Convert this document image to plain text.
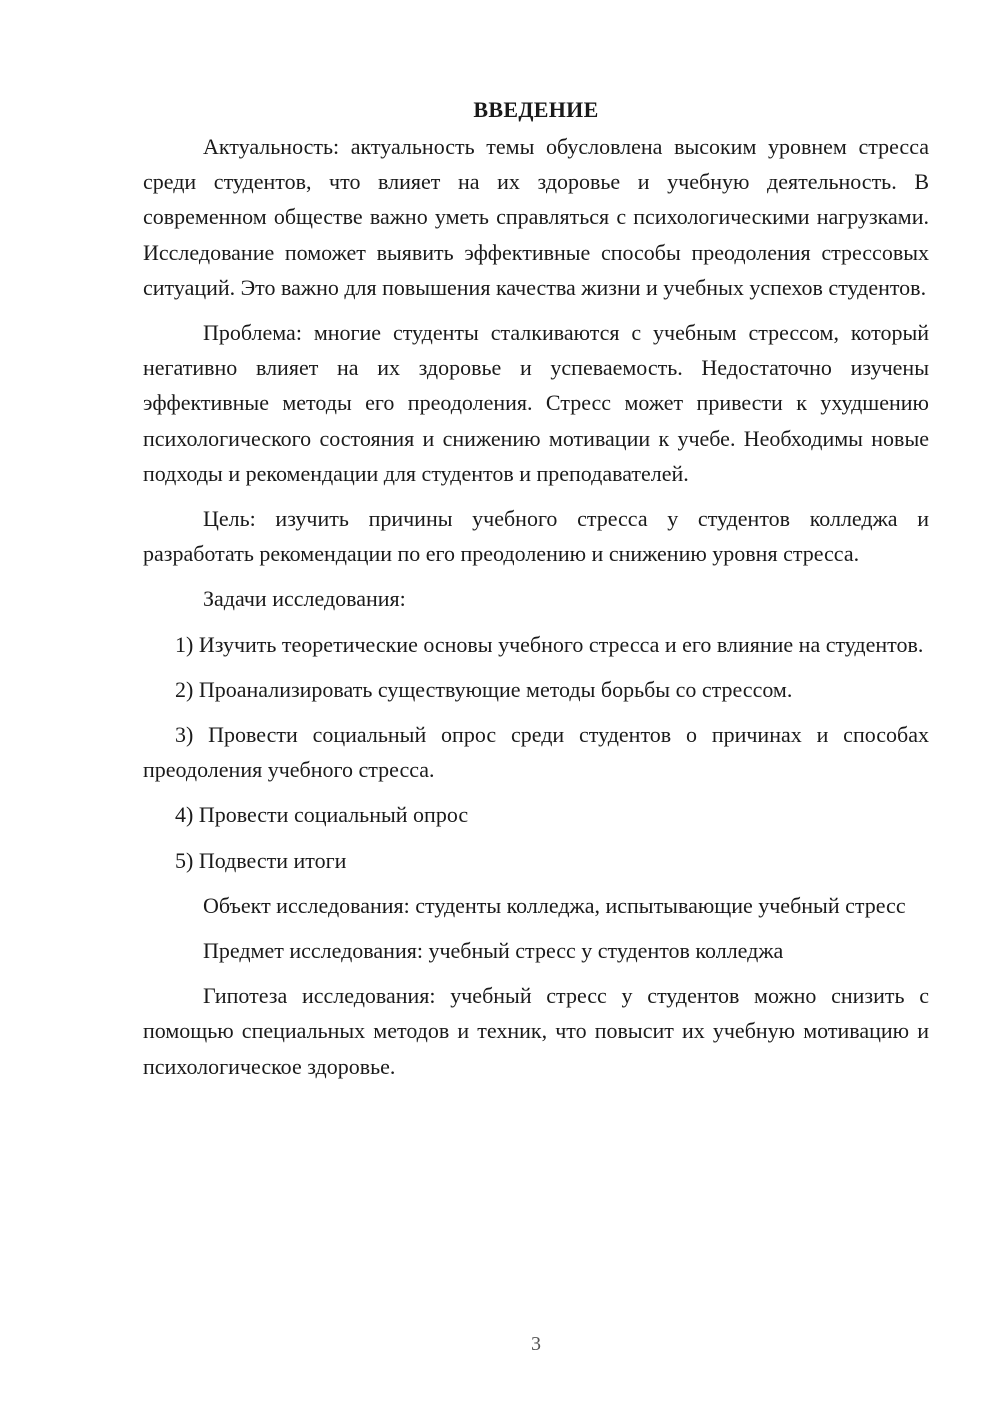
ВВЕДЕНИЕ

Актуальность: актуальность темы обусловлена высоким уровнем стресса среди студентов, что влияет на их здоровье и учебную деятельность. В современном обществе важно уметь справляться с психологическими нагрузками. Исследование поможет выявить эффективные способы преодоления стрессовых ситуаций. Это важно для повышения качества жизни и учебных успехов студентов.

Проблема: многие студенты сталкиваются с учебным стрессом, который негативно влияет на их здоровье и успеваемость. Недостаточно изучены эффективные методы его преодоления. Стресс может привести к ухудшению психологического состояния и снижению мотивации к учебе. Необходимы новые подходы и рекомендации для студентов и преподавателей.

Цель: изучить причины учебного стресса у студентов колледжа и разработать рекомендации по его преодолению и снижению уровня стресса.

Задачи исследования:

1) Изучить теоретические основы учебного стресса и его влияние на студентов.

2) Проанализировать существующие методы борьбы со стрессом.

3) Провести социальный опрос среди студентов о причинах и способах преодоления учебного стресса.

4) Провести социальный опрос

5) Подвести итоги

Объект исследования: студенты колледжа, испытывающие учебный стресс

Предмет исследования: учебный стресс у студентов колледжа

Гипотеза исследования: учебный стресс у студентов можно снизить с помощью специальных методов и техник, что повысит их учебную мотивацию и психологическое здоровье.

3
